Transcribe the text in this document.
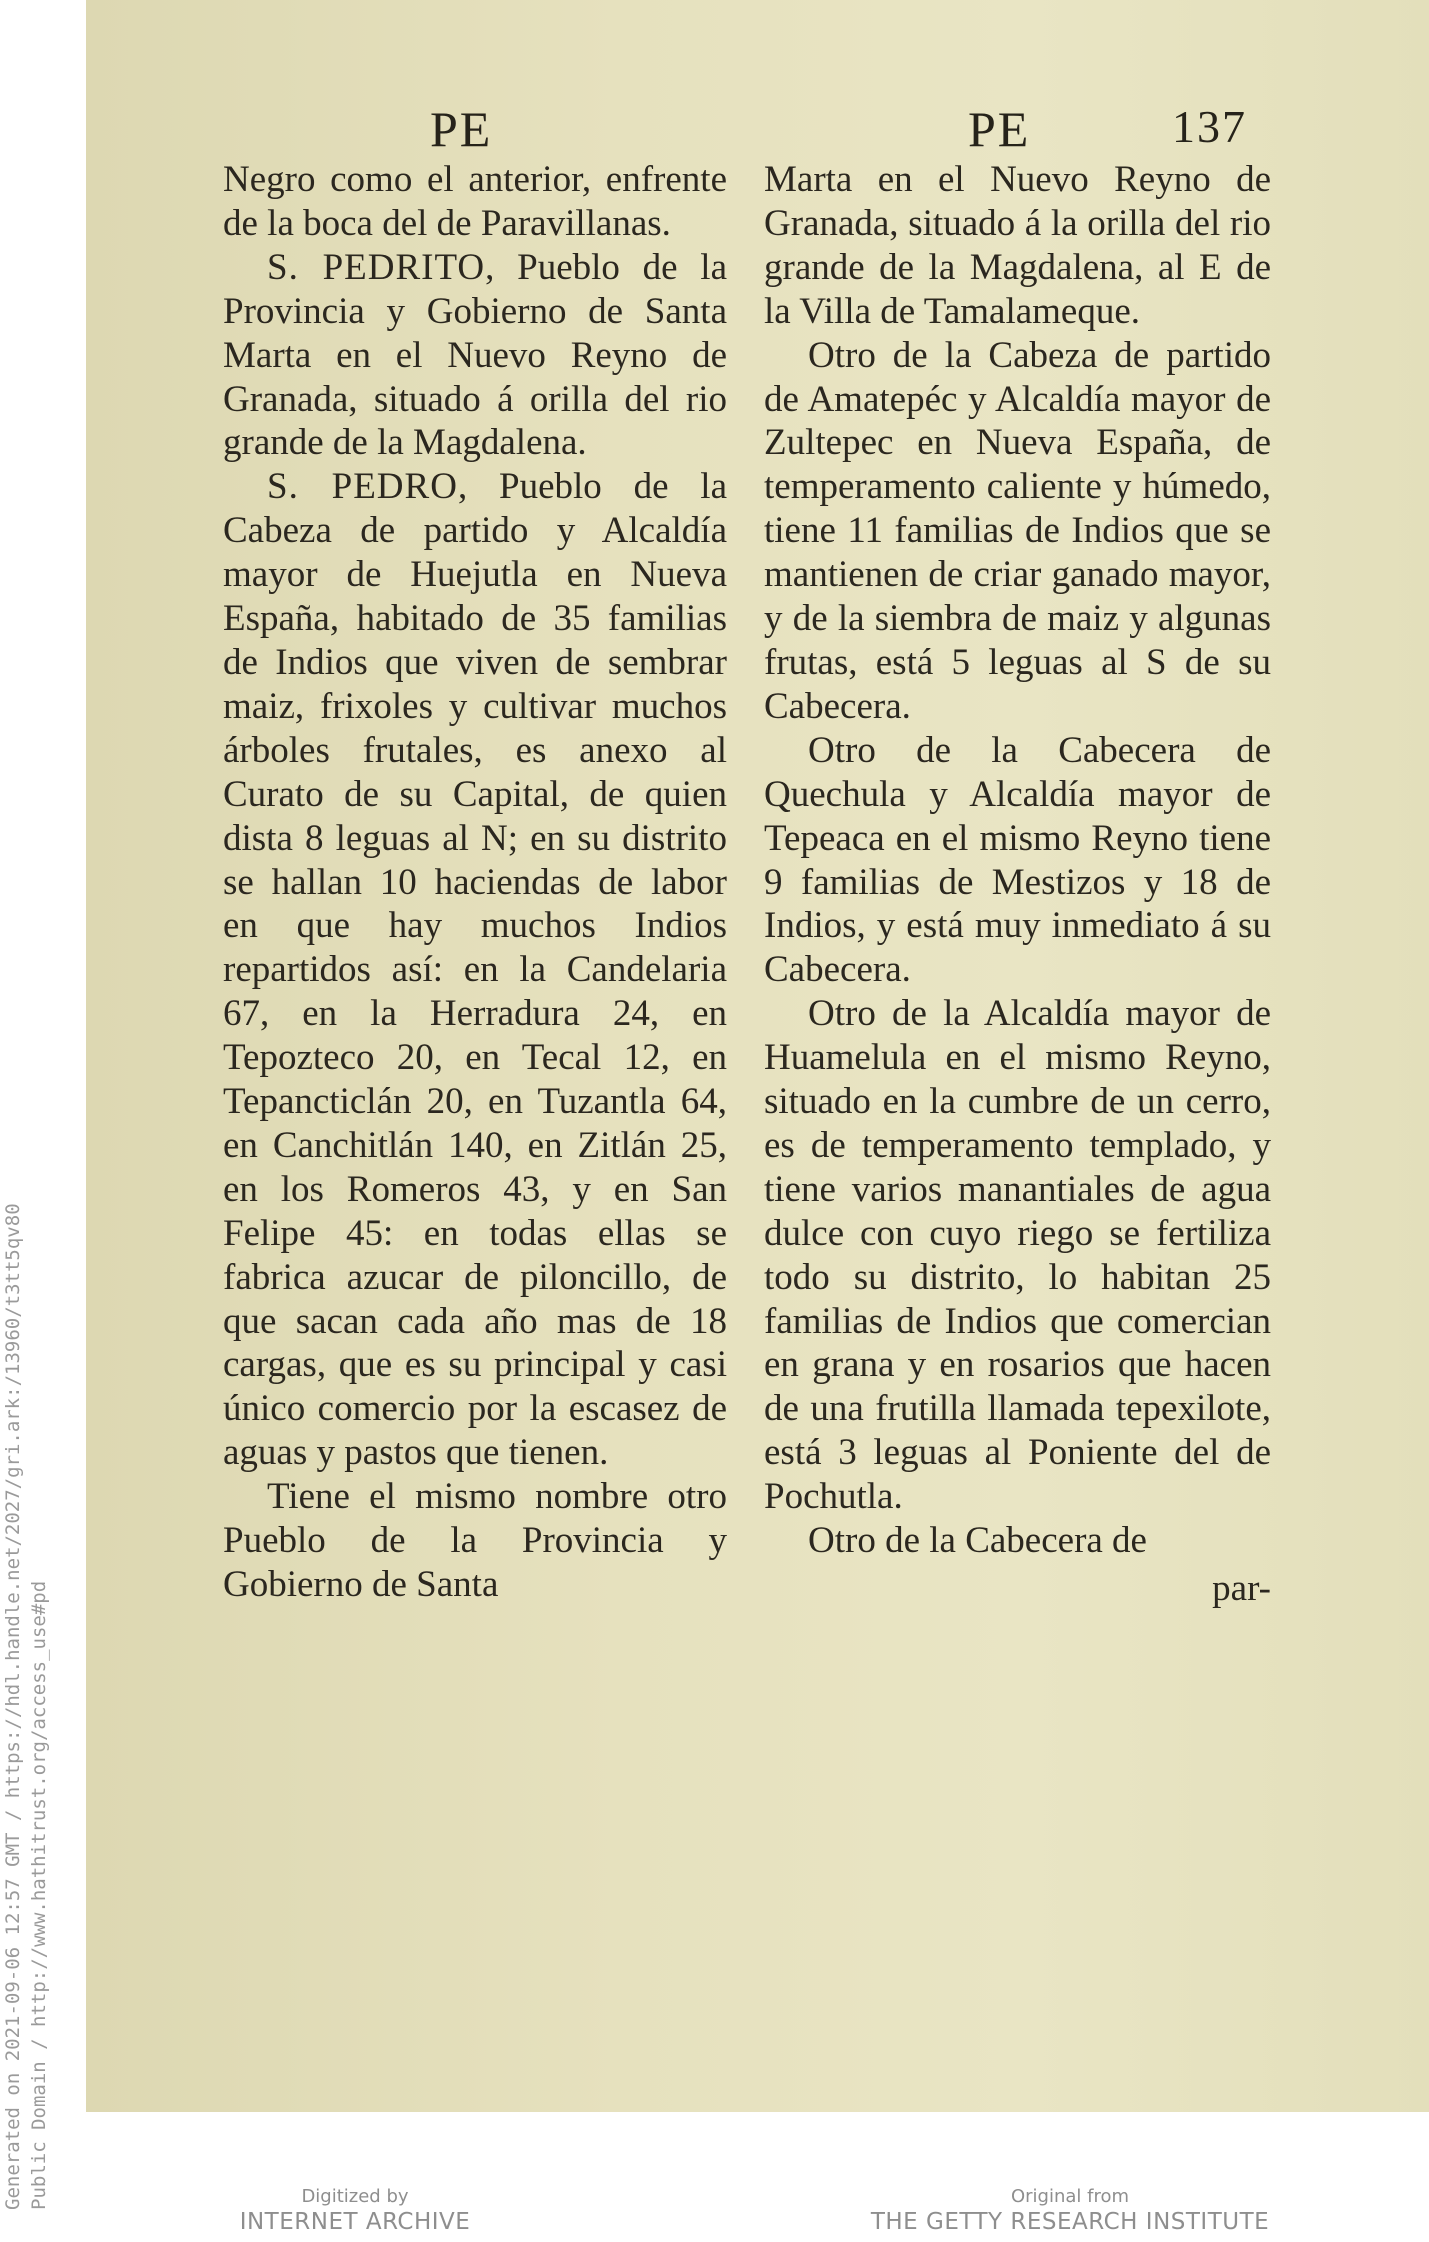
Generated on 2021-09-06 12:57 GMT / https://hdl.handle.net/2027/gri.ark:/13960/t3tt5qv80 Public Domain / http://www.hathitrust.org/access_use#pd
PE	PE	137

Negro como el anterior, enfrente de la boca del de Paravillanas.

S. PEDRITO, Pueblo de la Provincia y Gobierno de Santa Marta en el Nuevo Reyno de Granada, situado á orilla del rio grande de la Magdalena.

S. PEDRO, Pueblo de la Cabeza de partido y Alcaldía mayor de Huejutla en Nueva España, habitado de 35 familias de Indios que viven de sembrar maiz, frixoles y cultivar muchos árboles frutales, es anexo al Curato de su Capital, de quien dista 8 leguas al N; en su distrito se hallan 10 haciendas de labor en que hay muchos Indios repartidos así: en la Candelaria 67, en la Herradura 24, en Tepozteco 20, en Tecal 12, en Tepancticlán 20, en Tuzantla 64, en Canchitlán 140, en Zitlán 25, en los Romeros 43, y en San Felipe 45: en todas ellas se fabrica azucar de piloncillo, de que sacan cada año mas de 18 cargas, que es su principal y casi único comercio por la escasez de aguas y pastos que tienen.

Tiene el mismo nombre otro Pueblo de la Provincia y Gobierno de Santa

Marta en el Nuevo Reyno de Granada, situado á la orilla del rio grande de la Magdalena, al E de la Villa de Tamalameque.

Otro de la Cabeza de partido de Amatepéc y Alcaldía mayor de Zultepec en Nueva España, de temperamento caliente y húmedo, tiene 11 familias de Indios que se mantienen de criar ganado mayor, y de la siembra de maiz y algunas frutas, está 5 leguas al S de su Cabecera.

Otro de la Cabecera de Quechula y Alcaldía mayor de Tepeaca en el mismo Reyno tiene 9 familias de Mestizos y 18 de Indios, y está muy inmediato á su Cabecera.

Otro de la Alcaldía mayor de Huamelula en el mismo Reyno, situado en la cumbre de un cerro, es de temperamento templado, y tiene varios manantiales de agua dulce con cuyo riego se fertiliza todo su distrito, lo habitan 25 familias de Indios que comercian en grana y en rosarios que hacen de una frutilla llamada tepexilote, está 3 leguas al Poniente del de Pochutla.

Otro de la Cabecera de

par-

Digitized by
INTERNET ARCHIVE
Original from
THE GETTY RESEARCH INSTITUTE
